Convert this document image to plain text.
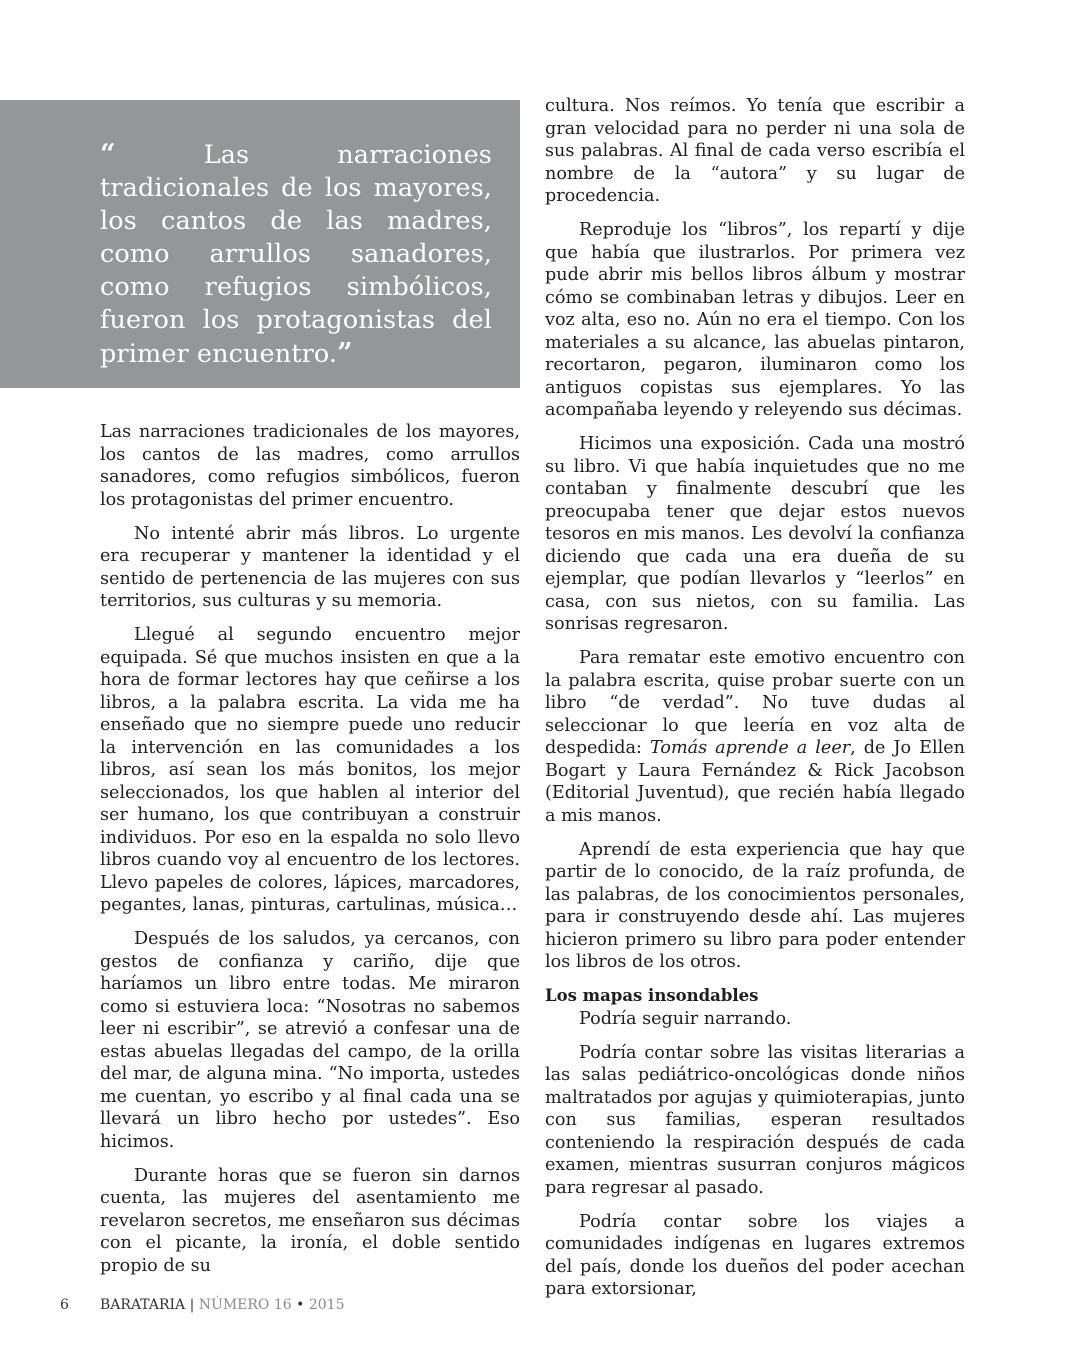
“	Las narraciones tradicionales de los mayores, los cantos de las madres, como arrullos sanadores, como refugios simbólicos, fueron los protagonistas del primer encuentro.”

Las narraciones tradicionales de los mayores, los cantos de las madres, como arrullos sanadores, como refugios simbólicos, fueron los protagonistas del primer encuentro.

No intenté abrir más libros. Lo urgente era recuperar y mantener la identidad y el sentido de pertenencia de las mujeres con sus territorios, sus culturas y su memoria.

Llegué al segundo encuentro mejor equipada. Sé que muchos insisten en que a la hora de formar lectores hay que ceñirse a los libros, a la palabra escrita. La vida me ha enseñado que no siempre puede uno reducir la intervención en las comunidades a los libros, así sean los más bonitos, los mejor seleccionados, los que hablen al interior del ser humano, los que contribuyan a construir individuos. Por eso en la espalda no solo llevo libros cuando voy al encuentro de los lectores. Llevo papeles de colores, lápices, marcadores, pegantes, lanas, pinturas, cartulinas, música…

Después de los saludos, ya cercanos, con gestos de confianza y cariño, dije que haríamos un libro entre todas. Me miraron como si estuviera loca: “Nosotras no sabemos leer ni escribir”, se atrevió a confesar una de estas abuelas llegadas del campo, de la orilla del mar, de alguna mina. “No importa, ustedes me cuentan, yo escribo y al final cada una se llevará un libro hecho por ustedes”. Eso hicimos.

Durante horas que se fueron sin darnos cuenta, las mujeres del asentamiento me revelaron secretos, me enseñaron sus décimas con el picante, la ironía, el doble sentido propio de su

cultura. Nos reímos. Yo tenía que escribir a gran velocidad para no perder ni una sola de sus palabras. Al final de cada verso escribía el nombre de la “autora” y su lugar de procedencia.

Reproduje los “libros”, los repartí y dije que había que ilustrarlos. Por primera vez pude abrir mis bellos libros álbum y mostrar cómo se combinaban letras y dibujos. Leer en voz alta, eso no. Aún no era el tiempo. Con los materiales a su alcance, las abuelas pintaron, recortaron, pegaron, iluminaron como los antiguos copistas sus ejemplares. Yo las acompañaba leyendo y releyendo sus décimas.

Hicimos una exposición. Cada una mostró su libro. Vi que había inquietudes que no me contaban y finalmente descubrí que les preocupaba tener que dejar estos nuevos tesoros en mis manos. Les devolví la confianza diciendo que cada una era dueña de su ejemplar, que podían llevarlos y “leerlos” en casa, con sus nietos, con su familia. Las sonrisas regresaron.

Para rematar este emotivo encuentro con la palabra escrita, quise probar suerte con un libro “de verdad”. No tuve dudas al seleccionar lo que leería en voz alta de despedida: Tomás aprende a leer, de Jo Ellen Bogart y Laura Fernández & Rick Jacobson (Editorial Juventud), que recién había llegado a mis manos.

Aprendí de esta experiencia que hay que partir de lo conocido, de la raíz profunda, de las palabras, de los conocimientos personales, para ir construyendo desde ahí. Las mujeres hicieron primero su libro para poder entender los libros de los otros.

Los mapas insondables

Podría seguir narrando.

Podría contar sobre las visitas literarias a las salas pediátrico-oncológicas donde niños maltratados por agujas y quimioterapias, junto con sus familias, esperan resultados conteniendo la respiración después de cada examen, mientras susurran conjuros mágicos para regresar al pasado.

Podría contar sobre los viajes a comunidades indígenas en lugares extremos del país, donde los dueños del poder acechan para extorsionar,

6 BARATARIA | NÚMERO 16 • 2015
